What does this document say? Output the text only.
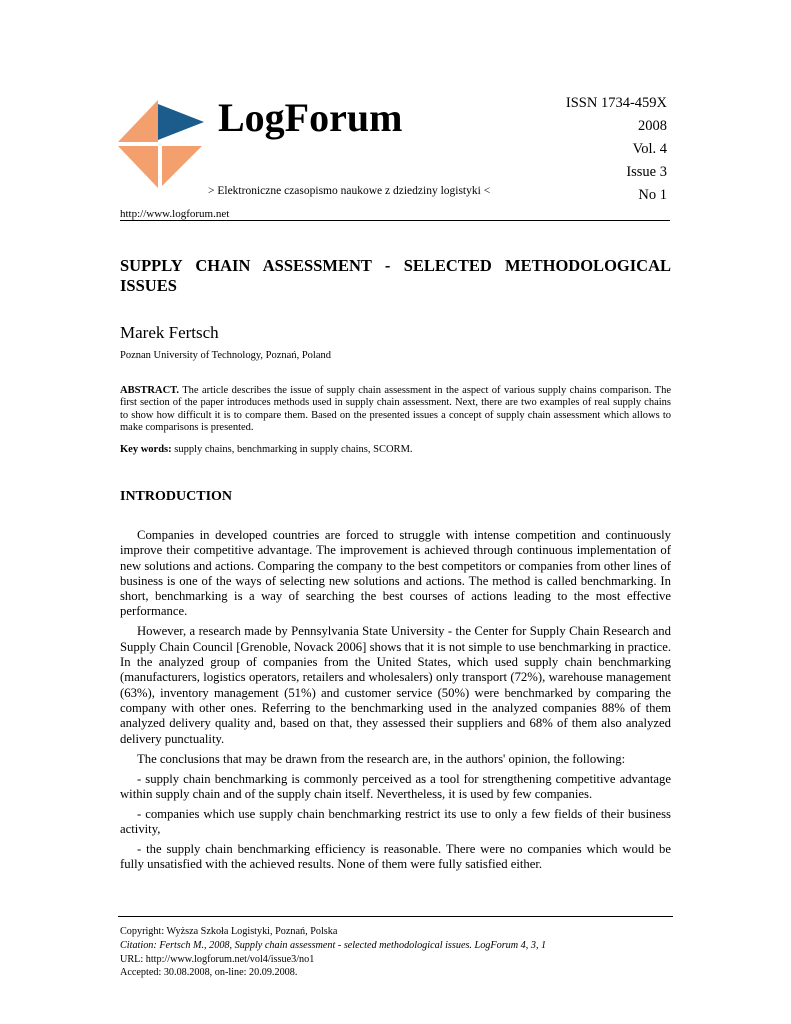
LogForum
> Elektroniczne czasopismo naukowe z dziedziny logistyki <
http://www.logforum.net
ISSN 1734-459X
2008
Vol. 4
Issue 3
No 1
SUPPLY CHAIN ASSESSMENT - SELECTED METHODOLOGICAL ISSUES
Marek Fertsch
Poznan University of Technology, Poznań, Poland
ABSTRACT. The article describes the issue of supply chain assessment in the aspect of various supply chains comparison. The first section of the paper introduces methods used in supply chain assessment. Next, there are two examples of real supply chains to show how difficult it is to compare them. Based on the presented issues a concept of supply chain assessment which allows to make comparisons is presented.
Key words: supply chains, benchmarking in supply chains, SCORM.
INTRODUCTION

Companies in developed countries are forced to struggle with intense competition and continuously improve their competitive advantage. The improvement is achieved through continuous implementation of new solutions and actions. Comparing the company to the best competitors or companies from other lines of business is one of the ways of selecting new solutions and actions. The method is called benchmarking. In short, benchmarking is a way of searching the best courses of actions leading to the most effective performance.

However, a research made by Pennsylvania State University - the Center for Supply Chain Research and Supply Chain Council [Grenoble, Novack 2006] shows that it is not simple to use benchmarking in practice. In the analyzed group of companies from the United States, which used supply chain benchmarking (manufacturers, logistics operators, retailers and wholesalers) only transport (72%), warehouse management (63%), inventory management (51%) and customer service (50%) were benchmarked by comparing the company with other ones. Referring to the benchmarking used in the analyzed companies 88% of them analyzed delivery quality and, based on that, they assessed their suppliers and 68% of them also analyzed delivery punctuality.

The conclusions that may be drawn from the research are, in the authors' opinion, the following:

- supply chain benchmarking is commonly perceived as a tool for strengthening competitive advantage within supply chain and of the supply chain itself. Nevertheless, it is used by few companies.

- companies which use supply chain benchmarking restrict its use to only a few fields of their business activity,

- the supply chain benchmarking efficiency is reasonable. There were no companies which would be fully unsatisfied with the achieved results. None of them were fully satisfied either.

Copyright: Wyższa Szkoła Logistyki, Poznań, Polska
Citation: Fertsch M., 2008, Supply chain assessment - selected methodological issues. LogForum 4, 3, 1
URL: http://www.logforum.net/vol4/issue3/no1
Accepted: 30.08.2008, on-line: 20.09.2008.
